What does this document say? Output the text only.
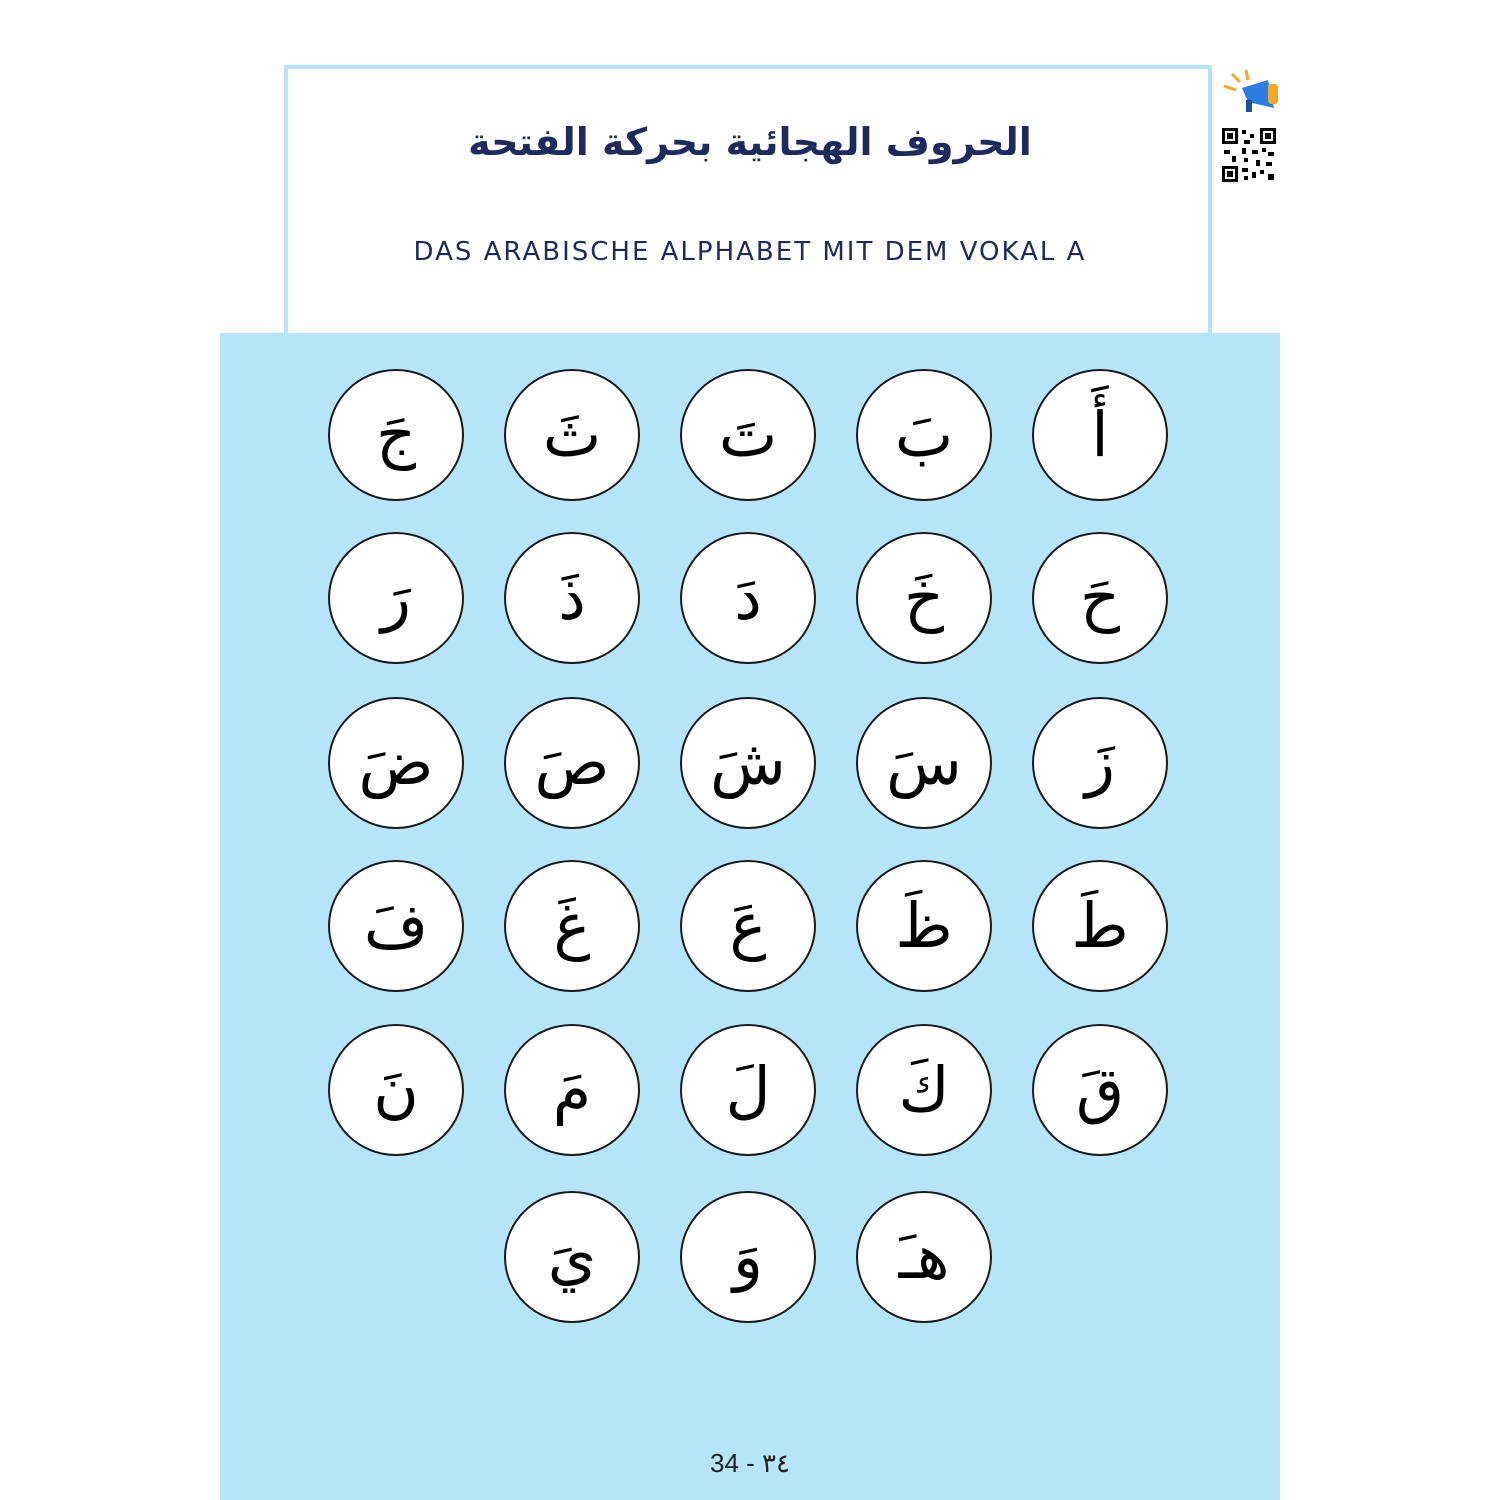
الحروف الهجائية بحركة الفتحة
DAS ARABISCHE ALPHABET MIT DEM VOKAL A
أ
ب
ت
ث
ج
ح
خ
د
ذ
ر
ز
س
ش
ص
ض
ط
ظ
ع
غ
ف
ق
ك
ل
م
ن
هـ
و
ي
34 - ٣٤
